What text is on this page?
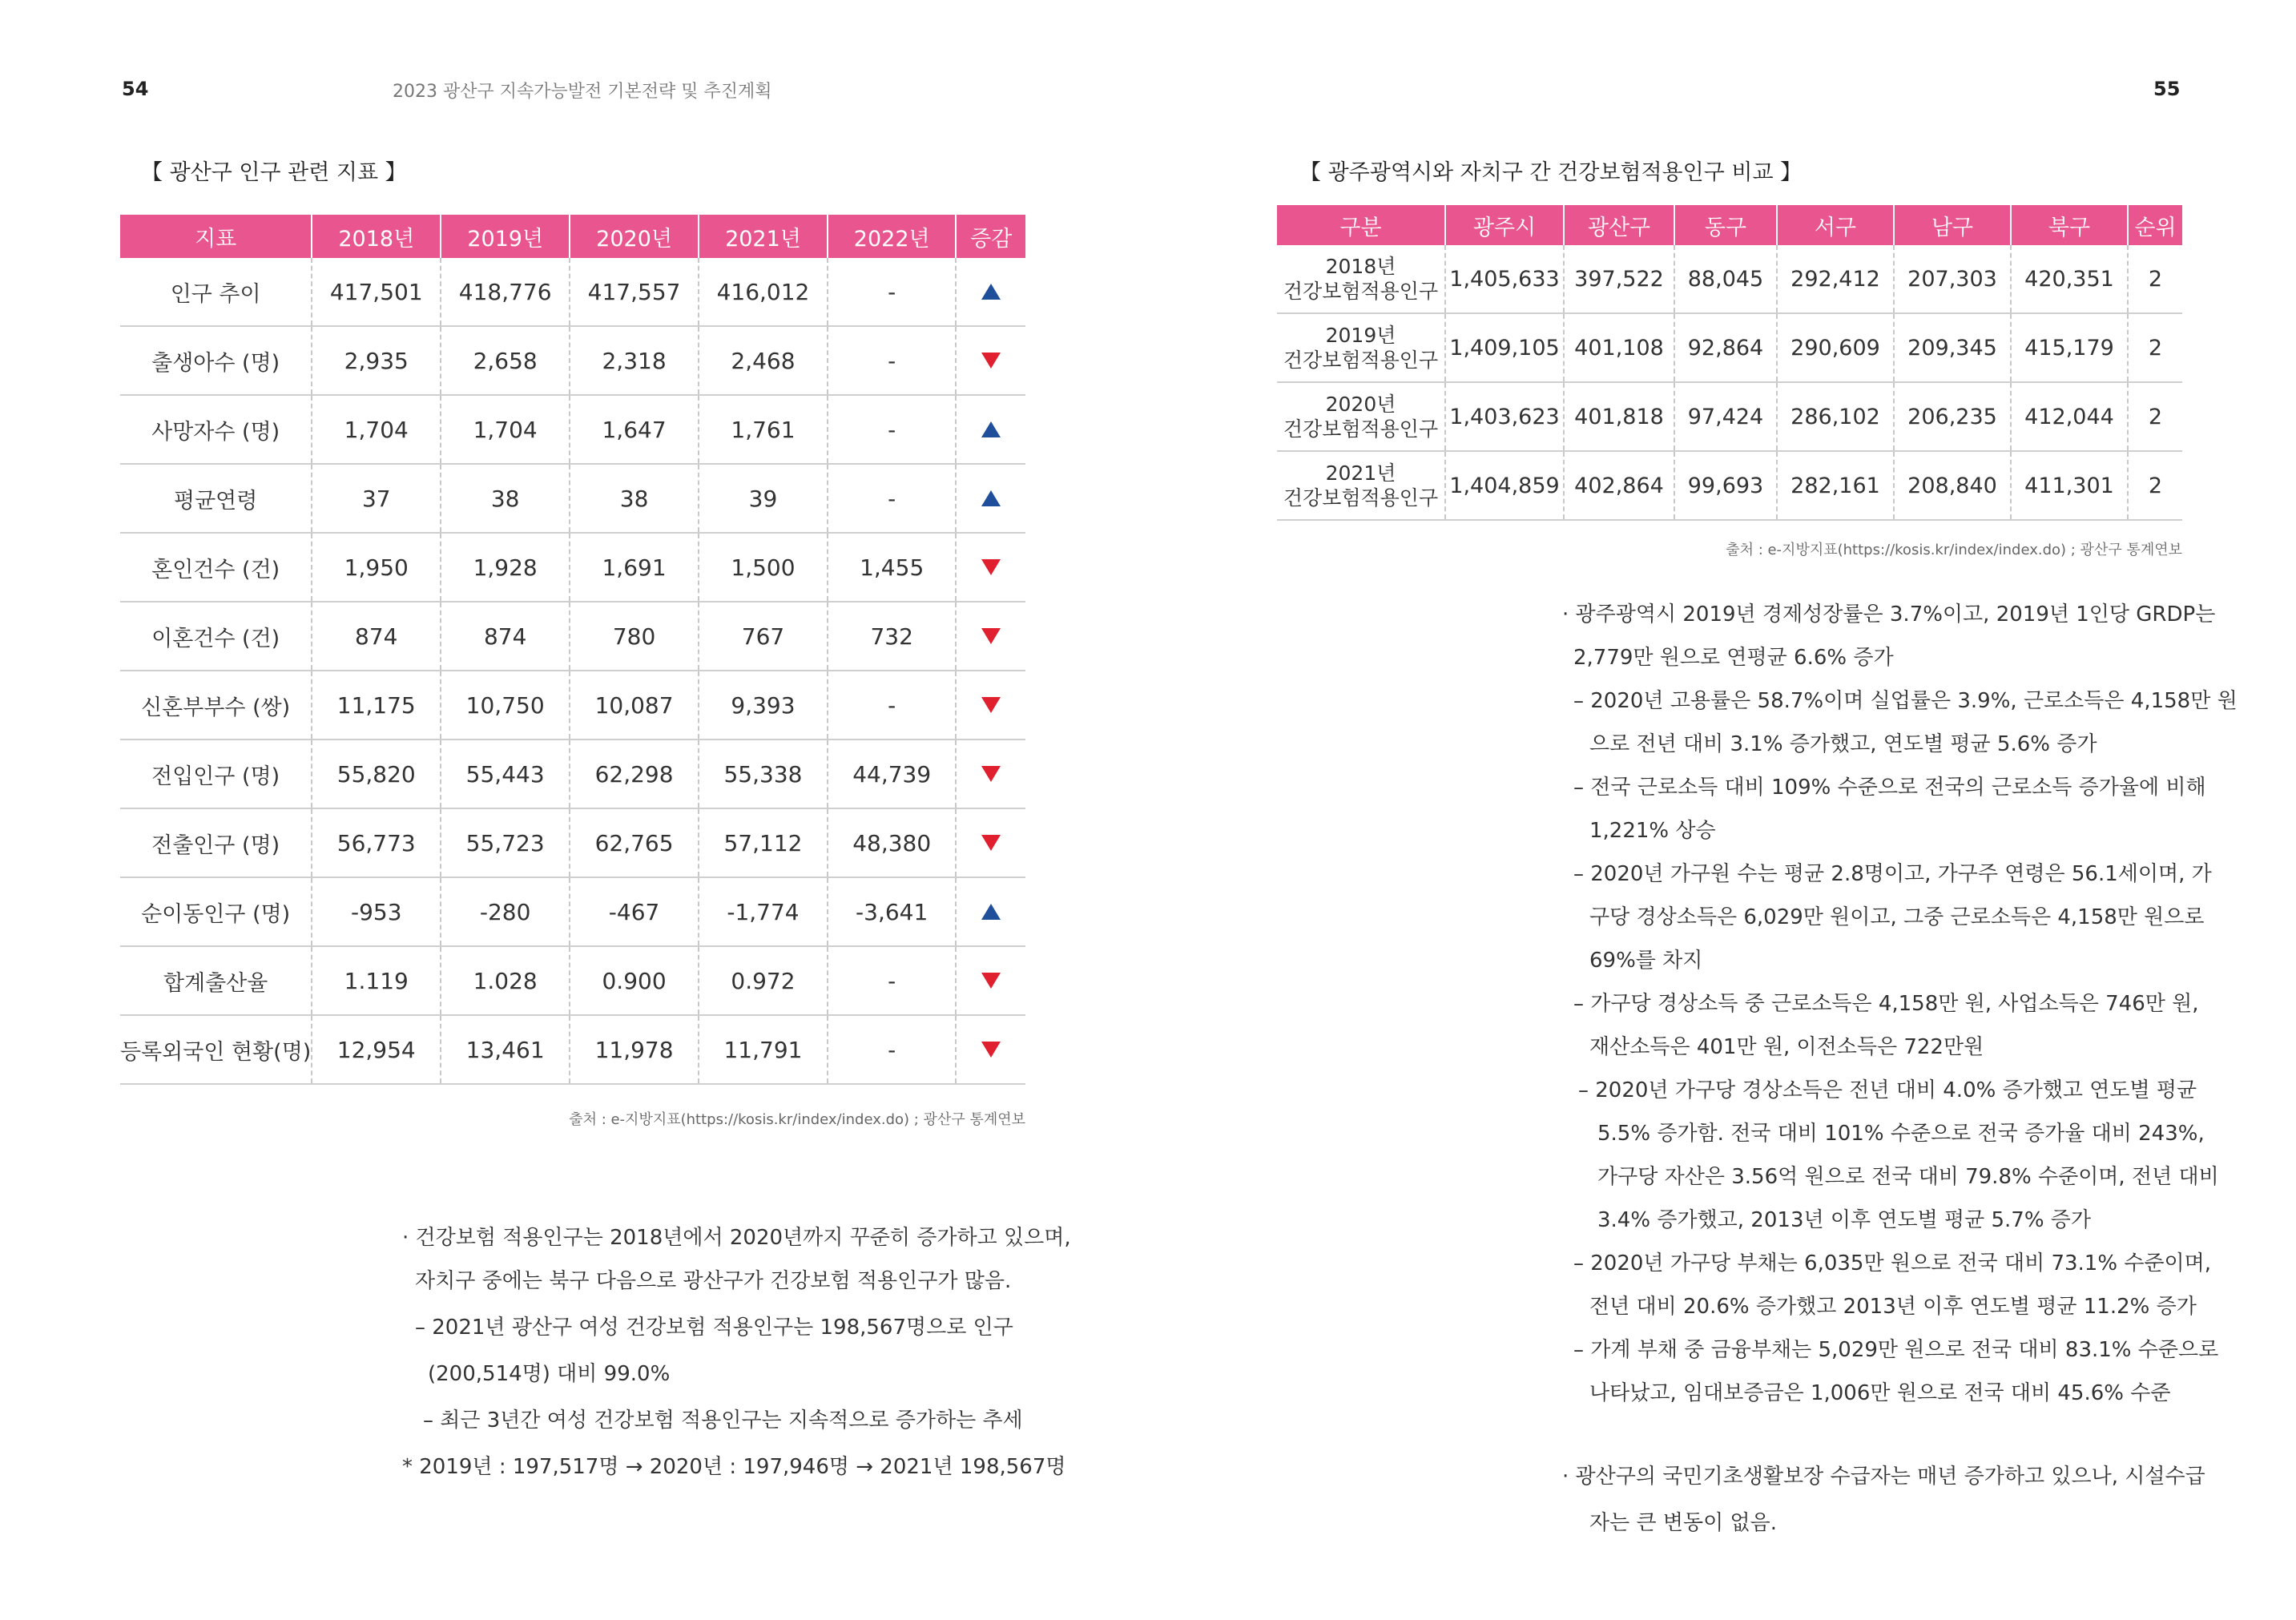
54	2023 광산구 지속가능발전 기본전략 및 추진계획	55
【 광산구 인구 관련 지표 】
지표	2018년	2019년	2020년	2021년	2022년	증감
인구 추이	417,501	418,776	417,557	416,012	-	
출생아수 (명)	2,935	2,658	2,318	2,468	-	
사망자수 (명)	1,704	1,704	1,647	1,761	-	
평균연령	37	38	38	39	-	
혼인건수 (건)	1,950	1,928	1,691	1,500	1,455	
이혼건수 (건)	874	874	780	767	732	
신혼부부수 (쌍)	11,175	10,750	10,087	9,393	-	
전입인구 (명)	55,820	55,443	62,298	55,338	44,739	
전출인구 (명)	56,773	55,723	62,765	57,112	48,380	
순이동인구 (명)	-953	-280	-467	-1,774	-3,641	
합계출산율	1.119	1.028	0.900	0.972	-	
등록외국인 현황(명)	12,954	13,461	11,978	11,791	-	
출처 : e-지방지표(https://kosis.kr/index/index.do) ; 광산구 통계연보

· 건강보험 적용인구는 2018년에서 2020년까지 꾸준히 증가하고 있으며,

자치구 중에는 북구 다음으로 광산구가 건강보험 적용인구가 많음.

– 2021년 광산구 여성 건강보험 적용인구는 198,567명으로 인구

(200,514명) 대비 99.0%

– 최근 3년간 여성 건강보험 적용인구는 지속적으로 증가하는 추세

* 2019년 : 197,517명 → 2020년 : 197,946명 → 2021년 198,567명

【 광주광역시와 자치구 간 건강보험적용인구 비교 】
구분	광주시	광산구	동구	서구	남구	북구	순위

2018년
건강보험적용인구	1,405,633	397,522	88,045	292,412	207,303	420,351	2

2019년
건강보험적용인구	1,409,105	401,108	92,864	290,609	209,345	415,179	2

2020년
건강보험적용인구	1,403,623	401,818	97,424	286,102	206,235	412,044	2

2021년
건강보험적용인구	1,404,859	402,864	99,693	282,161	208,840	411,301	2
출처 : e-지방지표(https://kosis.kr/index/index.do) ; 광산구 통계연보

· 광주광역시 2019년 경제성장률은 3.7%이고, 2019년 1인당 GRDP는

2,779만 원으로 연평균 6.6% 증가

– 2020년 고용률은 58.7%이며 실업률은 3.9%, 근로소득은 4,158만 원

으로 전년 대비 3.1% 증가했고, 연도별 평균 5.6% 증가

– 전국 근로소득 대비 109% 수준으로 전국의 근로소득 증가율에 비해

1,221% 상승

– 2020년 가구원 수는 평균 2.8명이고, 가구주 연령은 56.1세이며, 가

구당 경상소득은 6,029만 원이고, 그중 근로소득은 4,158만 원으로

69%를 차지

– 가구당 경상소득 중 근로소득은 4,158만 원, 사업소득은 746만 원,

재산소득은 401만 원, 이전소득은 722만원

– 2020년 가구당 경상소득은 전년 대비 4.0% 증가했고 연도별 평균

5.5% 증가함. 전국 대비 101% 수준으로 전국 증가율 대비 243%,

가구당 자산은 3.56억 원으로 전국 대비 79.8% 수준이며, 전년 대비

3.4% 증가했고, 2013년 이후 연도별 평균 5.7% 증가

– 2020년 가구당 부채는 6,035만 원으로 전국 대비 73.1% 수준이며,

전년 대비 20.6% 증가했고 2013년 이후 연도별 평균 11.2% 증가

– 가계 부채 중 금융부채는 5,029만 원으로 전국 대비 83.1% 수준으로

나타났고, 임대보증금은 1,006만 원으로 전국 대비 45.6% 수준

· 광산구의 국민기초생활보장 수급자는 매년 증가하고 있으나, 시설수급

자는 큰 변동이 없음.
